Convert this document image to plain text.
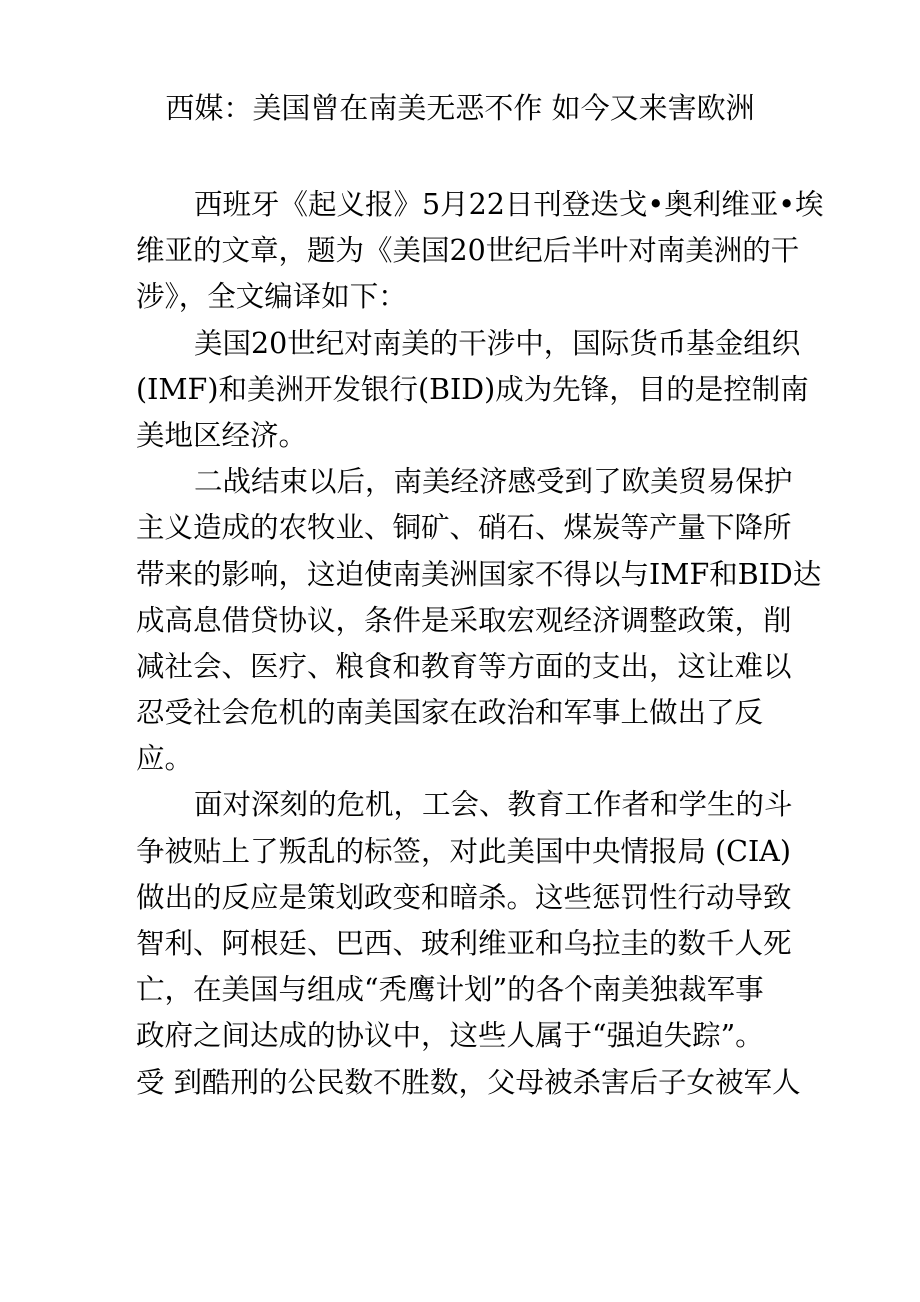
西媒：美国曾在南美无恶不作 如今又来害欧洲
西班牙《起义报》5月22日刊登迭戈•奥利维亚•埃
维亚的文章，题为《美国20世纪后半叶对南美洲的干
涉》，全文编译如下：
美国20世纪对南美的干涉中，国际货币基金组织
(IMF)和美洲开发银行(BID)成为先锋，目的是控制南
美地区经济。
二战结束以后，南美经济感受到了欧美贸易保护
主义造成的农牧业、铜矿、硝石、煤炭等产量下降所
带来的影响，这迫使南美洲国家不得以与IMF和BID达
成高息借贷协议，条件是采取宏观经济调整政策，削
减社会、医疗、粮食和教育等方面的支出，这让难以
忍受社会危机的南美国家在政治和军事上做出了反
应。
面对深刻的危机，工会、教育工作者和学生的斗
争被贴上了叛乱的标签，对此美国中央情报局 (CIA)
做出的反应是策划政变和暗杀。这些惩罚性行动导致
智利、阿根廷、巴西、玻利维亚和乌拉圭的数千人死
亡，在美国与组成“秃鹰计划”的各个南美独裁军事
政府之间达成的协议中，这些人属于“强迫失踪”。
受 到酷刑的公民数不胜数，父母被杀害后子女被军人
